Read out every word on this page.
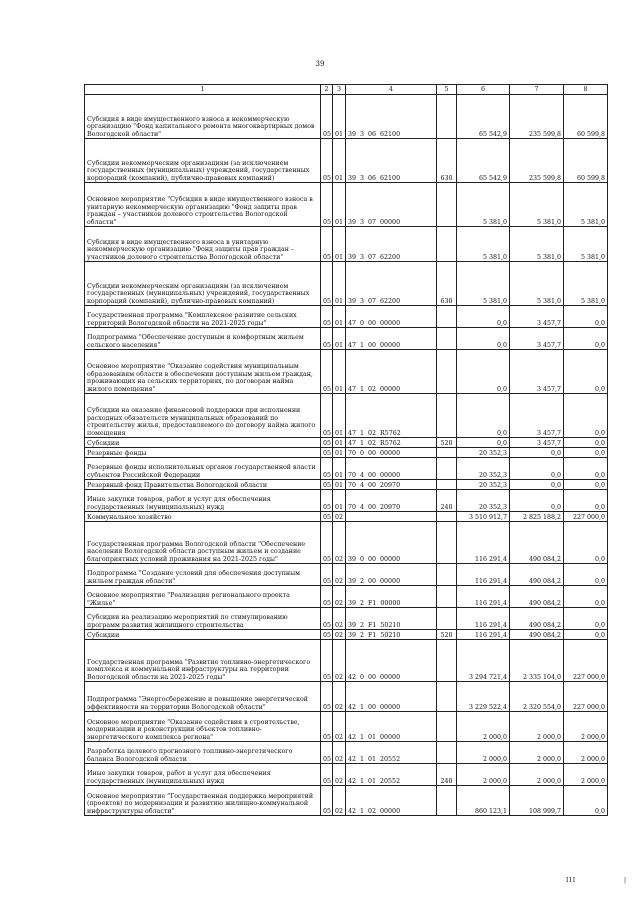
39
1	2	3	4	5	6	7	8
Субсидия в виде имущественного взноса в некоммерческую организацию "Фонд капитального ремонта многоквартирных домов Вологодской области"	05	01	39  3  06  62100		65 542,9	235 599,8	60 599,8
Субсидии некоммерческим организациям (за исключением государственных (муниципальных) учреждений, государственных корпораций (компаний), публично-правовых компаний)	05	01	39  3  06  62100	630	65 542,9	235 599,8	60 599,8
Основное мероприятие "Субсидия в виде имущественного взноса в унитарную некоммерческую организацию "Фонд защиты прав граждан – участников долевого строительства Вологодской области"	05	01	39  3  07  00000		5 381,0	5 381,0	5 381,0
Субсидия в виде имущественного взноса в унитарную некоммерческую организацию "Фонд защиты прав граждан – участников долевого строительства Вологодской области"	05	01	39  3  07  62200		5 381,0	5 381,0	5 381,0
Субсидии некоммерческим организациям (за исключением государственных (муниципальных) учреждений, государственных корпораций (компаний), публично-правовых компаний)	05	01	39  3  07  62200	630	5 381,0	5 381,0	5 381,0
Государственная программа "Комплексное развитие сельских территорий Вологодской области на 2021-2025 годы"	05	01	47  0  00  00000		0,0	3 457,7	0,0
Подпрограмма "Обеспечение доступным и комфортным жильем сельского населения"	05	01	47  1  00  00000		0,0	3 457,7	0,0
Основное мероприятие "Оказание содействия муниципальным образованиям области в обеспечении доступным жильем граждан, проживающих на сельских территориях, по договорам найма жилого помещения"	05	01	47  1  02  00000		0,0	3 457,7	0,0
Субсидии на оказание финансовой поддержки при исполнении расходных обязательств муниципальных образований по строительству жилья, предоставляемого по договору найма жилого помещения	05	01	47  1  02  R5762		0,0	3 457,7	0,0
Субсидии	05	01	47  1  02  R5762	520	0,0	3 457,7	0,0
Резервные фонды	05	01	70  0  00  00000		20 352,3	0,0	0,0
Резервные фонды исполнительных органов государственной власти субъектов Российской Федерации	05	01	70  4  00  00000		20 352,3	0,0	0,0
Резервный фонд Правительства Вологодской области	05	01	70  4  00  20970		20 352,3	0,0	0,0
Иные закупки товаров, работ и услуг для обеспечения государственных (муниципальных) нужд	05	01	70  4  00  20970	240	20 352,3	0,0	0,0
Коммунальное хозяйство	05	02			3 510 912,7	2 825 188,2	227 000,0
Государственная программа Вологодской области "Обеспечение населения Вологодской области доступным жильем и создание благоприятных условий проживания на 2021-2025 годы"	05	02	39  0  00  00000		116 291,4	490 084,2	0,0
Подпрограмма "Создание условий для обеспечения доступным жильем граждан области"	05	02	39  2  00  00000		116 291,4	490 084,2	0,0
Основное мероприятие "Реализация регионального проекта "Жилье"	05	02	39  2  F1  00000		116 291,4	490 084,2	0,0
Субсидии на реализацию мероприятий по стимулированию программ развития жилищного строительства	05	02	39  2  F1  50210		116 291,4	490 084,2	0,0
Субсидии	05	02	39  2  F1  50210	520	116 291,4	490 084,2	0,0
Государственная программа "Развитие топливно-энергетического комплекса и коммунальной инфраструктуры на территории Вологодской области на 2021-2025 годы"	05	02	42  0  00  00000		3 294 721,4	2 335 104,0	227 000,0
Подпрограмма "Энергосбережение и повышение энергетической эффективности на территории Вологодской области"	05	02	42  1  00  00000		3 229 522,4	2 320 554,0	227 000,0
Основное мероприятие "Оказание содействия в строительстве, модернизации и реконструкции объектов топливно-энергетического комплекса региона"	05	02	42  1  01  00000		2 000,0	2 000,0	2 000,0
Разработка целевого прогнозного топливно-энергетического баланса Вологодской области	05	02	42  1  01  20552		2 000,0	2 000,0	2 000,0
Иные закупки товаров, работ и услуг для обеспечения государственных (муниципальных) нужд	05	02	42  1  01  20552	240	2 000,0	2 000,0	2 000,0
Основное мероприятие "Государственная поддержка мероприятий (проектов) по модернизации и развитию жилищно-коммунальной инфраструктуры области"	05	02	42  1  02  00000		860 123,1	108 999,7	0,0
III	|
